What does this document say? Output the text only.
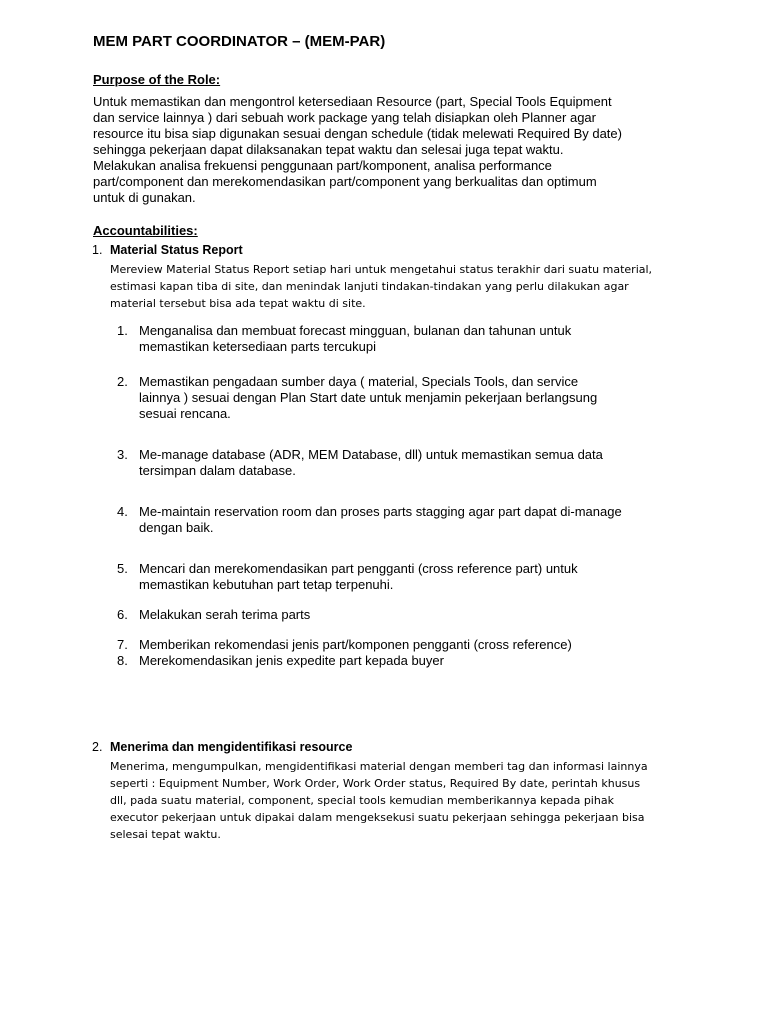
MEM PART COORDINATOR – (MEM-PAR)
Purpose of the Role:

Untuk memastikan dan mengontrol ketersediaan Resource (part, Special Tools Equipment

dan service lainnya ) dari sebuah work package yang telah disiapkan oleh Planner agar

resource itu bisa siap digunakan sesuai dengan schedule (tidak melewati Required By date)

sehingga pekerjaan dapat dilaksanakan tepat waktu dan selesai juga tepat waktu.

Melakukan analisa frekuensi penggunaan part/komponent, analisa performance

part/component dan merekomendasikan part/component yang berkualitas dan optimum

untuk di gunakan.

Accountabilities:
1. Material Status Report
Mereview Material Status Report setiap hari untuk mengetahui status terakhir dari suatu material,
estimasi kapan tiba di site, dan menindak lanjuti tindakan-tindakan yang perlu dilakukan agar
material tersebut bisa ada tepat waktu di site.
1. Menganalisa dan membuat forecast mingguan, bulanan dan tahunan untuk
memastikan ketersediaan parts tercukupi
2. Memastikan pengadaan sumber daya ( material, Specials Tools, dan service
lainnya ) sesuai dengan Plan Start date untuk menjamin pekerjaan berlangsung
sesuai rencana.
3. Me-manage database (ADR, MEM Database, dll) untuk memastikan semua data
tersimpan dalam database.
4. Me-maintain reservation room dan proses parts stagging agar part dapat di-manage
dengan baik.
5. Mencari dan merekomendasikan part pengganti (cross reference part) untuk
memastikan kebutuhan part tetap terpenuhi.
6. Melakukan serah terima parts
7. Memberikan rekomendasi jenis part/komponen pengganti (cross reference)
8. Merekomendasikan jenis expedite part kepada buyer
2. Menerima dan mengidentifikasi resource
Menerima, mengumpulkan, mengidentifikasi material dengan memberi tag dan informasi lainnya
seperti : Equipment Number, Work Order, Work Order status, Required By date, perintah khusus
dll, pada suatu material, component, special tools kemudian memberikannya kepada pihak
executor pekerjaan untuk dipakai dalam mengeksekusi suatu pekerjaan sehingga pekerjaan bisa
selesai tepat waktu.
